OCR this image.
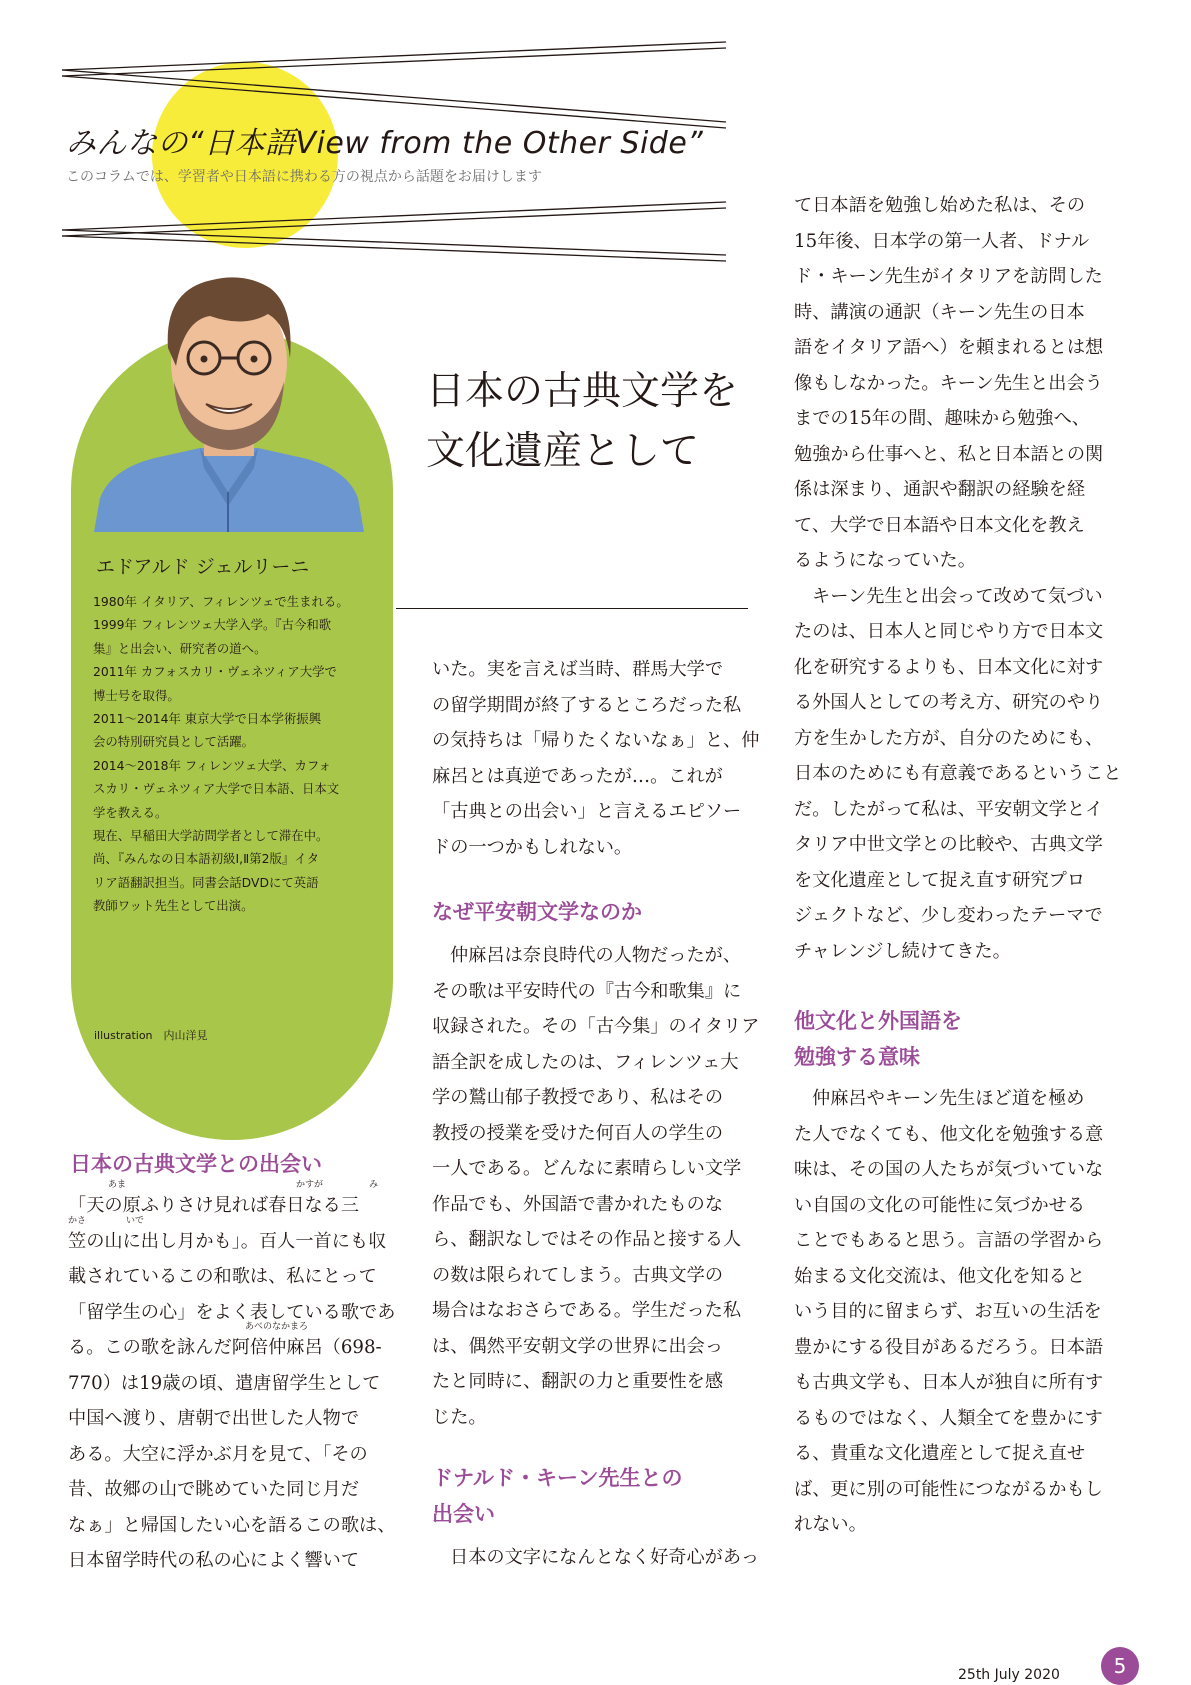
みんなの“日本語View from the Other Side”
このコラムでは、学習者や日本語に携わる方の視点から話題をお届けします
エドアルド ジェルリーニ
1980年 イタリア、フィレンツェで生まれる。
1999年 フィレンツェ大学入学。『古今和歌
集』と出会い、研究者の道へ。
2011年 カフォスカリ・ヴェネツィア大学で
博士号を取得。
2011～2014年 東京大学で日本学術振興
会の特別研究員として活躍。
2014～2018年 フィレンツェ大学、カフォ
スカリ・ヴェネツィア大学で日本語、日本文
学を教える。
現在、早稲田大学訪問学者として滞在中。
尚、『みんなの日本語初級Ⅰ,Ⅱ第2版』イタ
リア語翻訳担当。同書会話DVDにて英語
教師ワット先生として出演。
illustration　内山洋見
日本の古典文学を
文化遺産として
日本の古典文学との出会い
あま	かすが	み
かさ	いで
あべのなかまろ
「天の原ふりさけ見れば春日なる三
笠の山に出し月かも」。百人一首にも収
載されているこの和歌は、私にとって
「留学生の心」をよく表している歌であ
る。この歌を詠んだ阿倍仲麻呂（698-
770）は19歳の頃、遣唐留学生として
中国へ渡り、唐朝で出世した人物で
ある。大空に浮かぶ月を見て、「その
昔、故郷の山で眺めていた同じ月だ
なぁ」と帰国したい心を語るこの歌は、
日本留学時代の私の心によく響いて
いた。実を言えば当時、群馬大学で
の留学期間が終了するところだった私
の気持ちは「帰りたくないなぁ」と、仲
麻呂とは真逆であったが…。これが
「古典との出会い」と言えるエピソー
ドの一つかもしれない。
なぜ平安朝文学なのか
仲麻呂は奈良時代の人物だったが、
その歌は平安時代の『古今和歌集』に
収録された。その「古今集」のイタリア
語全訳を成したのは、フィレンツェ大
学の鷲山郁子教授であり、私はその
教授の授業を受けた何百人の学生の
一人である。どんなに素晴らしい文学
作品でも、外国語で書かれたものな
ら、翻訳なしではその作品と接する人
の数は限られてしまう。古典文学の
場合はなおさらである。学生だった私
は、偶然平安朝文学の世界に出会っ
たと同時に、翻訳の力と重要性を感
じた。
ドナルド・キーン先生との
出会い
日本の文字になんとなく好奇心があっ
て日本語を勉強し始めた私は、その
15年後、日本学の第一人者、ドナル
ド・キーン先生がイタリアを訪問した
時、講演の通訳（キーン先生の日本
語をイタリア語へ）を頼まれるとは想
像もしなかった。キーン先生と出会う
までの15年の間、趣味から勉強へ、
勉強から仕事へと、私と日本語との関
係は深まり、通訳や翻訳の経験を経
て、大学で日本語や日本文化を教え
るようになっていた。
キーン先生と出会って改めて気づい
たのは、日本人と同じやり方で日本文
化を研究するよりも、日本文化に対す
る外国人としての考え方、研究のやり
方を生かした方が、自分のためにも、
日本のためにも有意義であるということ
だ。したがって私は、平安朝文学とイ
タリア中世文学との比較や、古典文学
を文化遺産として捉え直す研究プロ
ジェクトなど、少し変わったテーマで
チャレンジし続けてきた。
他文化と外国語を
勉強する意味
仲麻呂やキーン先生ほど道を極め
た人でなくても、他文化を勉強する意
味は、その国の人たちが気づいていな
い自国の文化の可能性に気づかせる
ことでもあると思う。言語の学習から
始まる文化交流は、他文化を知ると
いう目的に留まらず、お互いの生活を
豊かにする役目があるだろう。日本語
も古典文学も、日本人が独自に所有す
るものではなく、人類全てを豊かにす
る、貴重な文化遺産として捉え直せ
ば、更に別の可能性につながるかもし
れない。
25th July 2020	5
